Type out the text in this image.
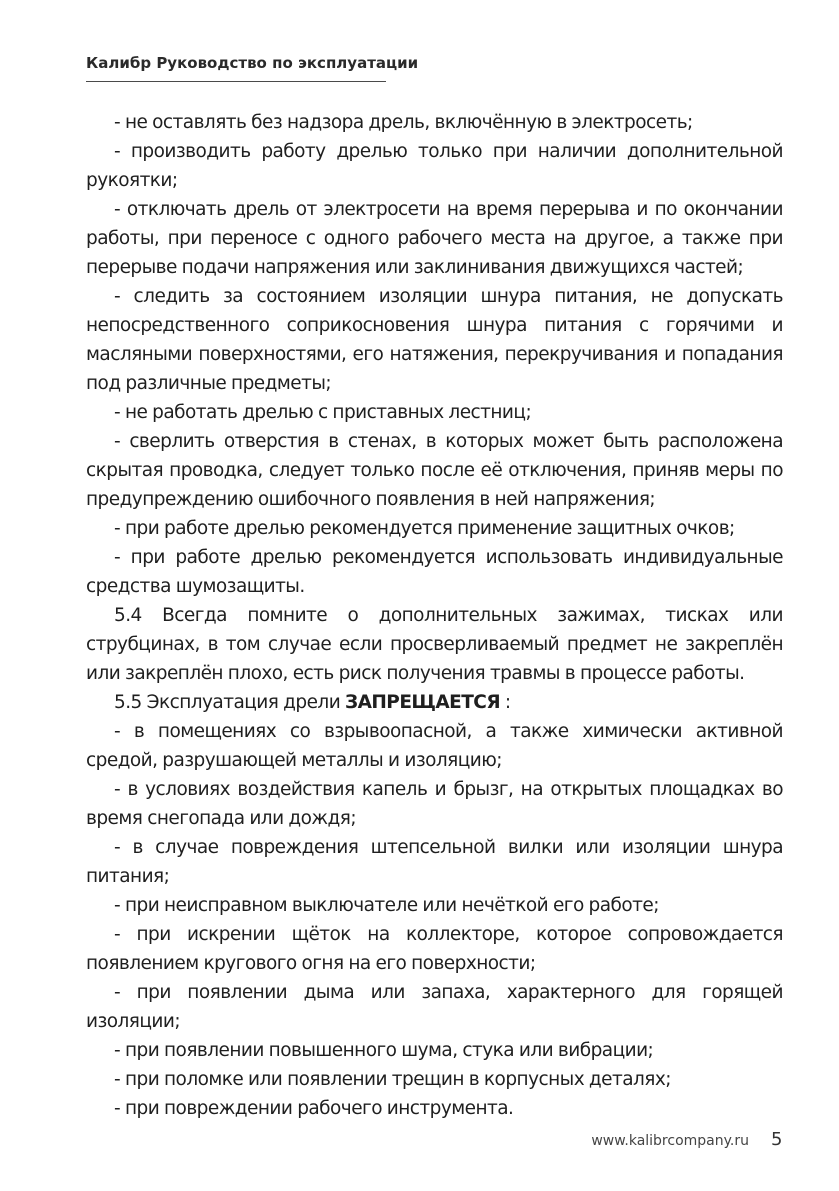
Калибр Руководство по эксплуатации

- не оставлять без надзора дрель, включённую в электросеть;

- производить работу дрелью только при наличии дополнительной рукоятки;

- отключать дрель от электросети на время перерыва и по окончании работы, при переносе с одного рабочего места на другое, а также при перерыве подачи напряжения или заклинивания движущихся частей;

- следить за состоянием изоляции шнура питания, не допускать непосредственного соприкосновения шнура питания с горячими и масляными поверхностями, его натяжения, перекручивания и попадания под различные предметы;

- не работать дрелью с приставных лестниц;

- сверлить отверстия в стенах, в которых может быть расположена скрытая проводка, следует только после её отключения, приняв меры по предупреждению ошибочного появления в ней напряжения;

- при работе дрелью рекомендуется применение защитных очков;

- при работе дрелью рекомендуется использовать индивидуальные средства шумозащиты.

5.4 Всегда помните о дополнительных зажимах, тисках или струбцинах, в том случае если просверливаемый предмет не закреплён или закреплён плохо, есть риск получения травмы в процессе работы.

5.5 Эксплуатация дрели ЗАПРЕЩАЕТСЯ :

- в помещениях со взрывоопасной, а также химически активной средой, разрушающей металлы и изоляцию;

- в условиях воздействия капель и брызг, на открытых площадках во время снегопада или дождя;

- в случае повреждения штепсельной вилки или изоляции шнура питания;

- при неисправном выключателе или нечёткой его работе;

- при искрении щёток на коллекторе, которое сопровождается появлением кругового огня на его поверхности;

- при появлении дыма или запаха, характерного для горящей изоляции;

- при появлении повышенного шума, стука или вибрации;

- при поломке или появлении трещин в корпусных деталях;

- при повреждении рабочего инструмента.

www.kalibrcompany.ru 5
